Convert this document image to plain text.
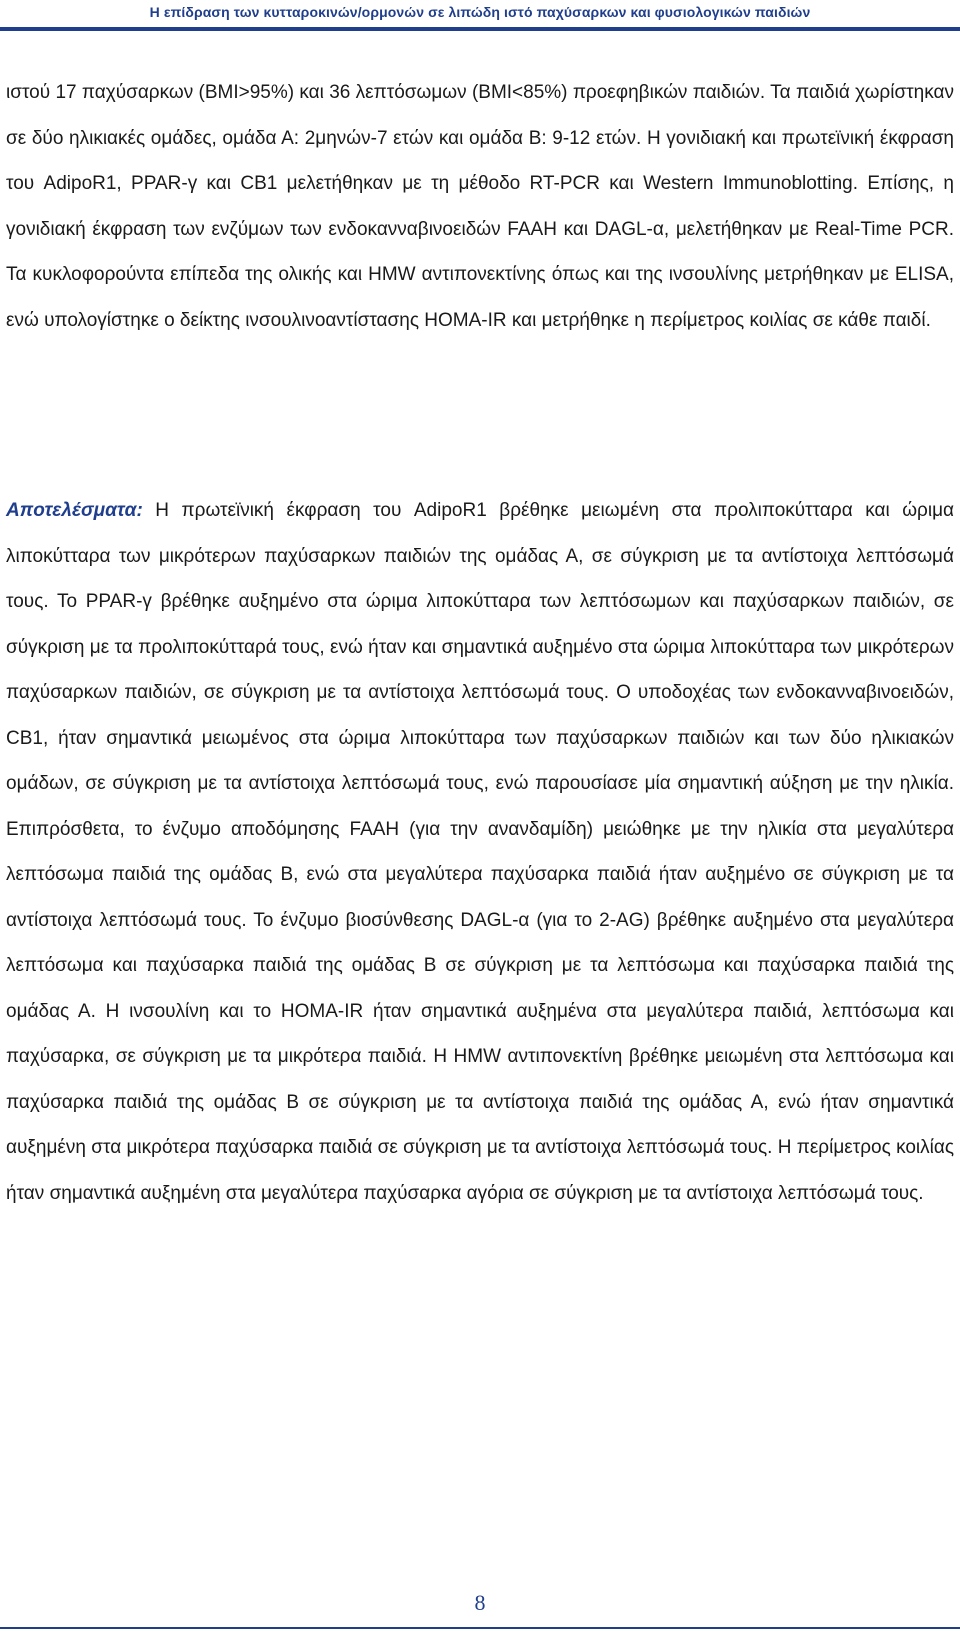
Η επίδραση των κυτταροκινών/ορμονών σε λιπώδη ιστό παχύσαρκων και φυσιολογικών παιδιών

ιστού 17 παχύσαρκων (BMI>95%) και 36 λεπτόσωμων (BMI<85%) προεφηβικών παιδιών. Τα παιδιά χωρίστηκαν σε δύο ηλικιακές ομάδες, ομάδα Α: 2μηνών-7 ετών και ομάδα Β: 9-12 ετών. Η γονιδιακή και πρωτεϊνική έκφραση του AdipoR1, PPAR-γ και CB1 μελετήθηκαν με τη μέθοδο RT-PCR και Western Immunoblotting. Επίσης, η γονιδιακή έκφραση των ενζύμων των ενδοκανναβινοειδών FAAH και DAGL-α, μελετήθηκαν με Real-Time PCR. Τα κυκλοφορούντα επίπεδα της ολικής και HMW αντιπονεκτίνης όπως και της ινσουλίνης μετρήθηκαν με ELISA, ενώ υπολογίστηκε ο δείκτης ινσουλινοαντίστασης HOMA-IR και μετρήθηκε η περίμετρος κοιλίας σε κάθε παιδί.

Αποτελέσματα: Η πρωτεϊνική έκφραση του AdipoR1 βρέθηκε μειωμένη στα προλιποκύτταρα και ώριμα λιποκύτταρα των μικρότερων παχύσαρκων παιδιών της ομάδας Α, σε σύγκριση με τα αντίστοιχα λεπτόσωμά τους. Το PPAR-γ βρέθηκε αυξημένο στα ώριμα λιποκύτταρα των λεπτόσωμων και παχύσαρκων παιδιών, σε σύγκριση με τα προλιποκύτταρά τους, ενώ ήταν και σημαντικά αυξημένο στα ώριμα λιποκύτταρα των μικρότερων παχύσαρκων παιδιών, σε σύγκριση με τα αντίστοιχα λεπτόσωμά τους. Ο υποδοχέας των ενδοκανναβινοειδών, CB1, ήταν σημαντικά μειωμένος στα ώριμα λιποκύτταρα των παχύσαρκων παιδιών και των δύο ηλικιακών ομάδων, σε σύγκριση με τα αντίστοιχα λεπτόσωμά τους, ενώ παρουσίασε μία σημαντική αύξηση με την ηλικία. Επιπρόσθετα, το ένζυμο αποδόμησης FAAH (για την ανανδαμίδη) μειώθηκε με την ηλικία στα μεγαλύτερα λεπτόσωμα παιδιά της ομάδας Β, ενώ στα μεγαλύτερα παχύσαρκα παιδιά ήταν αυξημένο σε σύγκριση με τα αντίστοιχα λεπτόσωμά τους. Το ένζυμο βιοσύνθεσης DAGL-α (για το 2-AG) βρέθηκε αυξημένο στα μεγαλύτερα λεπτόσωμα και παχύσαρκα παιδιά της ομάδας Β σε σύγκριση με τα λεπτόσωμα και παχύσαρκα παιδιά της ομάδας Α. Η ινσουλίνη και το HOMA-IR ήταν σημαντικά αυξημένα στα μεγαλύτερα παιδιά, λεπτόσωμα και παχύσαρκα, σε σύγκριση με τα μικρότερα παιδιά. Η HMW αντιπονεκτίνη βρέθηκε μειωμένη στα λεπτόσωμα και παχύσαρκα παιδιά της ομάδας Β σε σύγκριση με τα αντίστοιχα παιδιά της ομάδας Α, ενώ ήταν σημαντικά αυξημένη στα μικρότερα παχύσαρκα παιδιά σε σύγκριση με τα αντίστοιχα λεπτόσωμά τους. Η περίμετρος κοιλίας ήταν σημαντικά αυξημένη στα μεγαλύτερα παχύσαρκα αγόρια σε σύγκριση με τα αντίστοιχα λεπτόσωμά τους.

8
